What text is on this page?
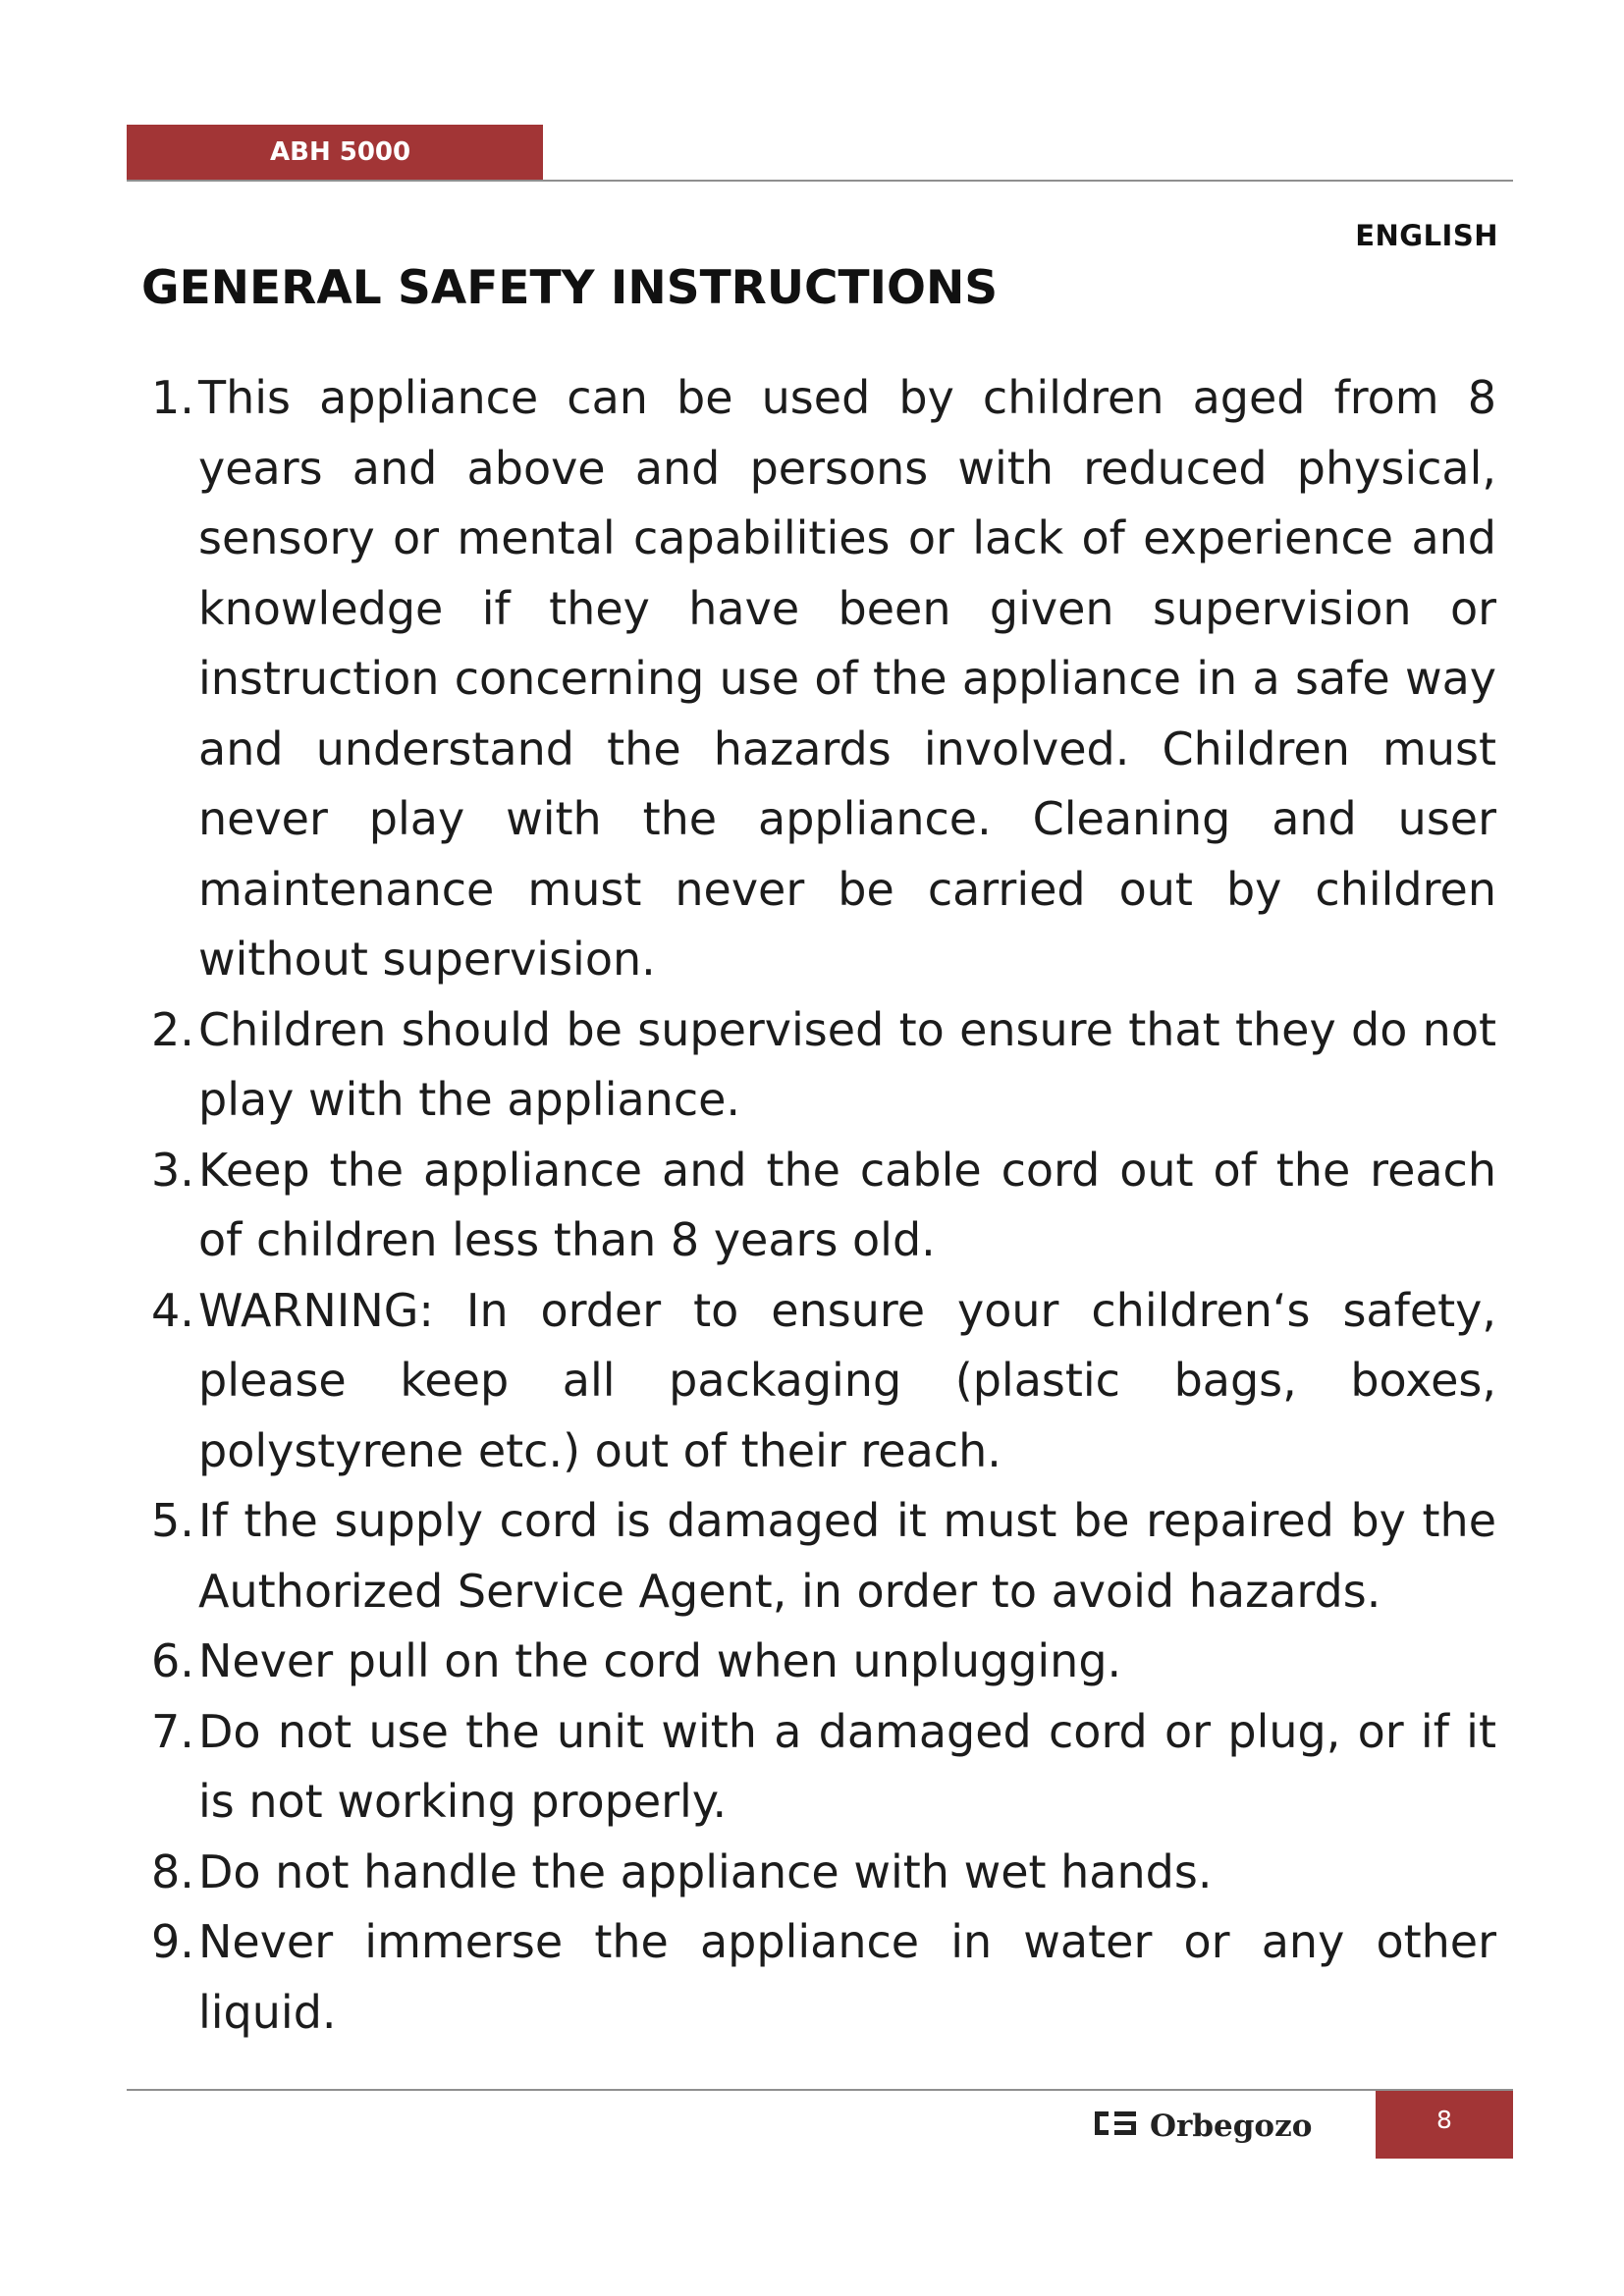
ABH 5000
ENGLISH
GENERAL SAFETY INSTRUCTIONS
1. This appliance can be used by children aged from 8 years and above and persons with reduced physical, sensory or mental capabilities or lack of experience and knowledge if they have been given supervision or instruction concerning use of the appliance in a safe way and understand the hazards involved. Children must never play with the appliance. Cleaning and user maintenance must never be carried out by children without supervision.
2. Children should be supervised to ensure that they do not play with the appliance.
3. Keep the appliance and the cable cord out of the reach of children less than 8 years old.
4. WARNING: In order to ensure your children‘s safety, please keep all packaging (plastic bags, boxes, polystyrene etc.) out of their reach.
5. If the supply cord is damaged it must be repaired by the Authorized Service Agent, in order to avoid hazards.
6. Never pull on the cord when unplugging.
7. Do not use the unit with a damaged cord or plug, or if it is not working properly.
8. Do not handle the appliance with wet hands.
9. Never immerse the appliance in water or any other liquid.
Orbegozo	8
